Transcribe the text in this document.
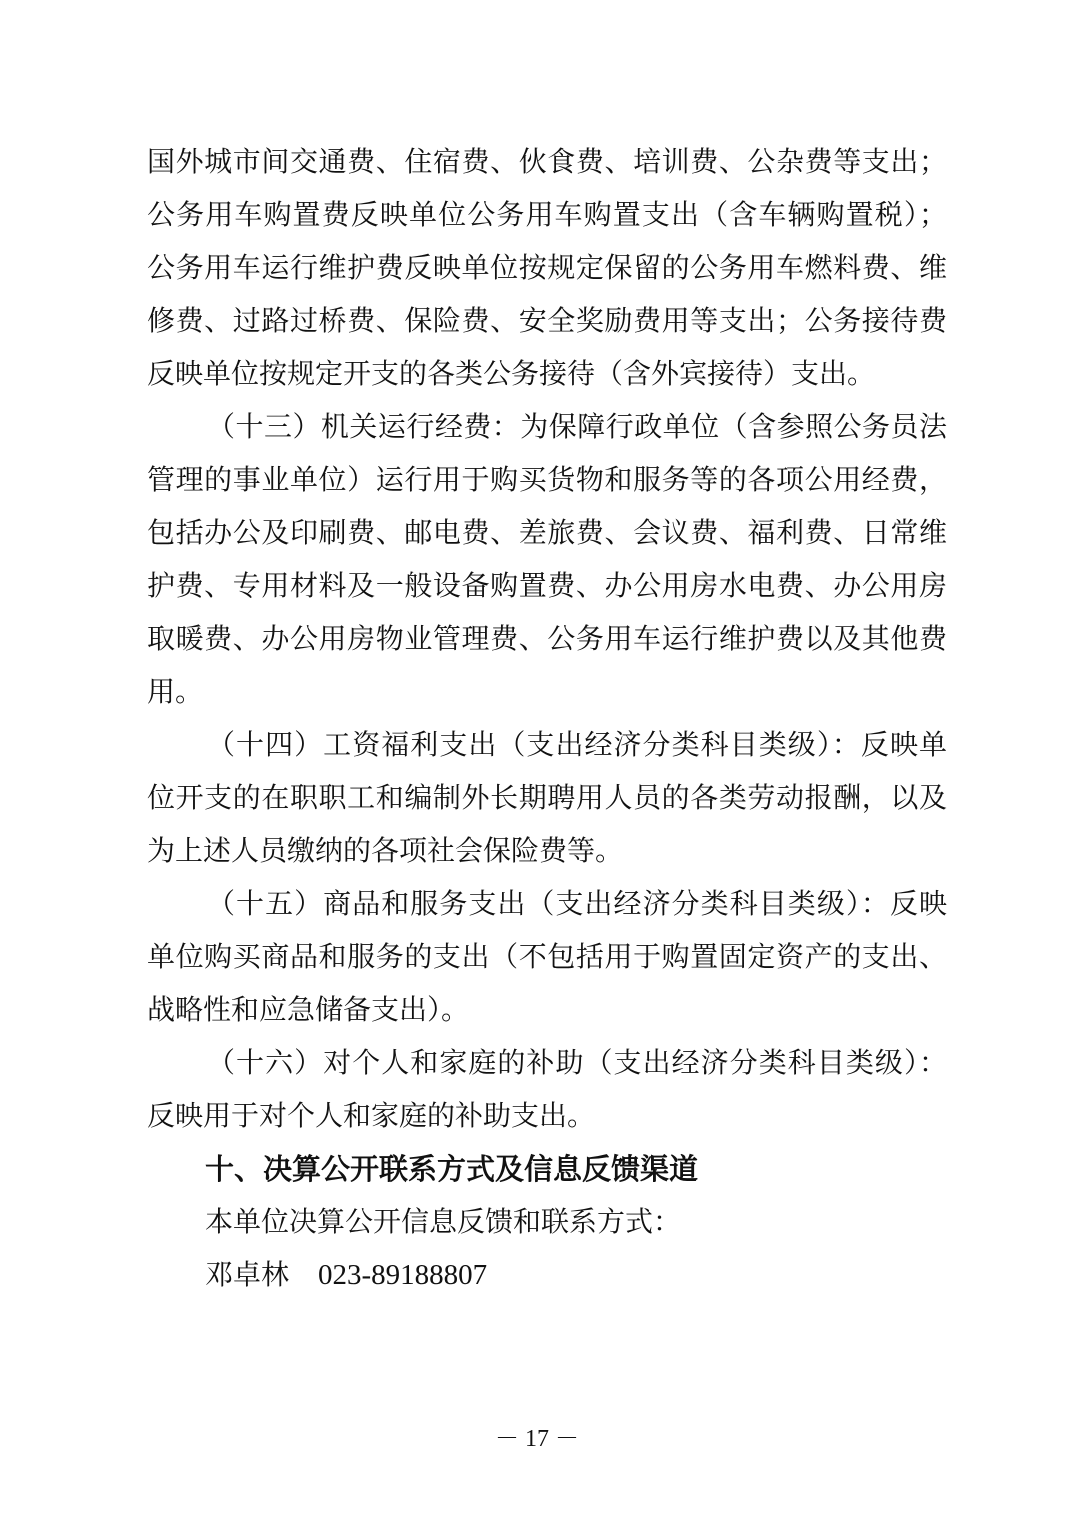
国外城市间交通费、住宿费、伙食费、培训费、公杂费等支出；
公务用车购置费反映单位公务用车购置支出（含车辆购置税）；
公务用车运行维护费反映单位按规定保留的公务用车燃料费、维
修费、过路过桥费、保险费、安全奖励费用等支出；公务接待费
反映单位按规定开支的各类公务接待（含外宾接待）支出。
（十三）机关运行经费：为保障行政单位（含参照公务员法
管理的事业单位）运行用于购买货物和服务等的各项公用经费，
包括办公及印刷费、邮电费、差旅费、会议费、福利费、日常维
护费、专用材料及一般设备购置费、办公用房水电费、办公用房
取暖费、办公用房物业管理费、公务用车运行维护费以及其他费
用。
（十四）工资福利支出（支出经济分类科目类级）：反映单
位开支的在职职工和编制外长期聘用人员的各类劳动报酬，以及
为上述人员缴纳的各项社会保险费等。
（十五）商品和服务支出（支出经济分类科目类级）：反映
单位购买商品和服务的支出（不包括用于购置固定资产的支出、
战略性和应急储备支出）。
（十六）对个人和家庭的补助（支出经济分类科目类级）：
反映用于对个人和家庭的补助支出。
十、决算公开联系方式及信息反馈渠道
本单位决算公开信息反馈和联系方式：
邓卓林 023-89188807
－ 17 －
